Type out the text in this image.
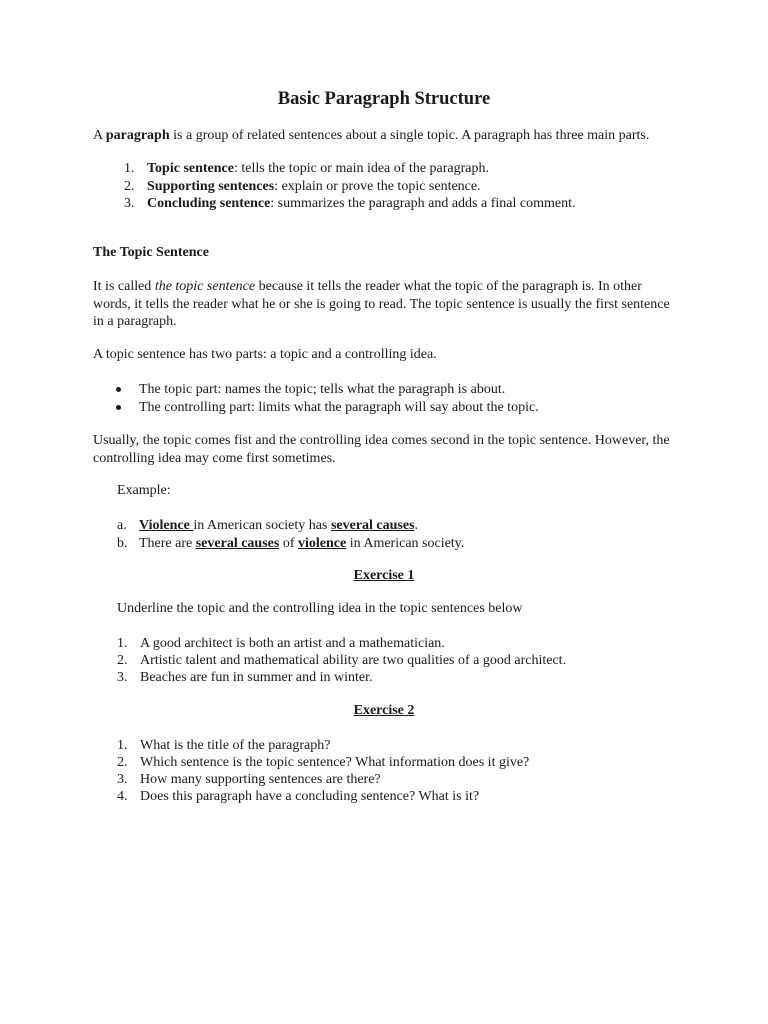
Basic Paragraph Structure

A paragraph is a group of related sentences about a single topic. A paragraph has three main parts.

1. Topic sentence: tells the topic or main idea of the paragraph.
2. Supporting sentences: explain or prove the topic sentence.
3. Concluding sentence: summarizes the paragraph and adds a final comment.
The Topic Sentence

It is called the topic sentence because it tells the reader what the topic of the paragraph is. In other words, it tells the reader what he or she is going to read. The topic sentence is usually the first sentence in a paragraph.

A topic sentence has two parts: a topic and a controlling idea.

The topic part: names the topic; tells what the paragraph is about.
The controlling part: limits what the paragraph will say about the topic.

Usually, the topic comes fist and the controlling idea comes second in the topic sentence. However, the controlling idea may come first sometimes.

Example:

a. Violence in American society has several causes.
b. There are several causes of violence in American society.
Exercise 1

Underline the topic and the controlling idea in the topic sentences below

1. A good architect is both an artist and a mathematician.
2. Artistic talent and mathematical ability are two qualities of a good architect.
3. Beaches are fun in summer and in winter.
Exercise 2
1. What is the title of the paragraph?
2. Which sentence is the topic sentence? What information does it give?
3. How many supporting sentences are there?
4. Does this paragraph have a concluding sentence? What is it?
